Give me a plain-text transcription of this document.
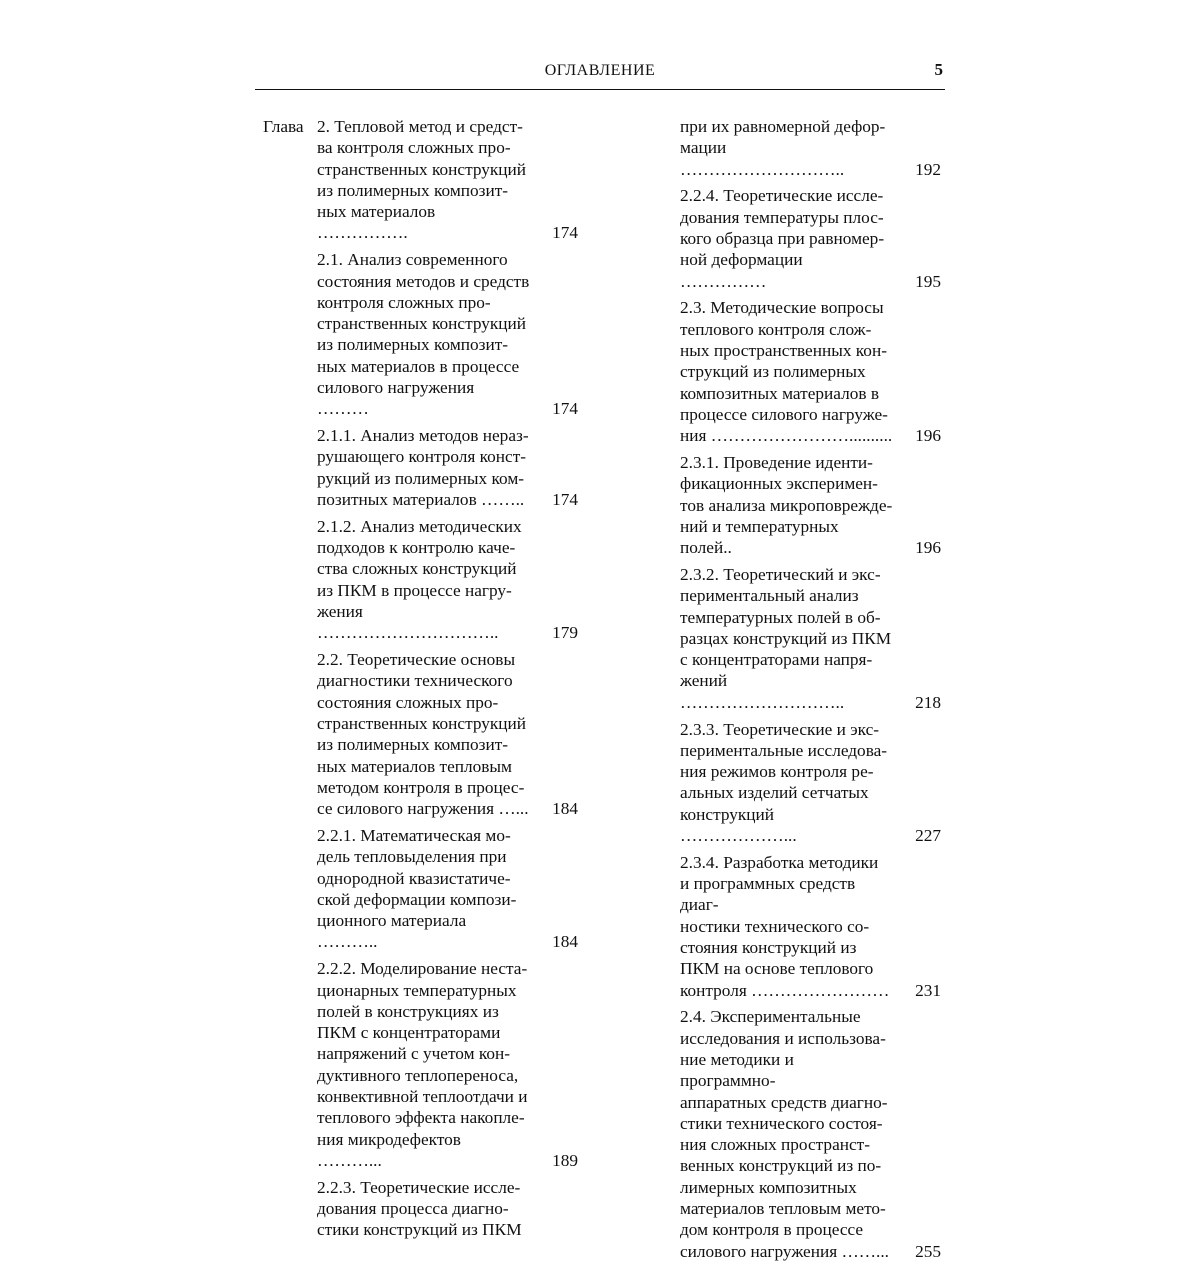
ОГЛАВЛЕНИЕ	5
Глава 2. Тепловой метод и средст-
ва контроля сложных про-
странственных конструкций
из полимерных композит-
ных материалов …………….	174
2.1. Анализ современного
состояния методов и средств
контроля сложных про-
странственных конструкций
из полимерных композит-
ных материалов в процессе
силового нагружения ………	174
2.1.1. Анализ методов нераз-
рушающего контроля конст-
рукций из полимерных ком-
позитных материалов ……..	174
2.1.2. Анализ методических
подходов к контролю каче-
ства сложных конструкций
из ПКМ в процессе нагру-
жения …………………………..	179
2.2. Теоретические основы
диагностики технического
состояния сложных про-
странственных конструкций
из полимерных композит-
ных материалов тепловым
методом контроля в процес-
се силового нагружения …...	184
2.2.1. Математическая мо-
дель тепловыделения при
однородной квазистатиче-
ской деформации компози-
ционного материала ………..	184
2.2.2. Моделирование неста-
ционарных температурных
полей в конструкциях из
ПКМ с концентраторами
напряжений с учетом кон-
дуктивного теплопереноса,
конвективной теплоотдачи и
теплового эффекта накопле-
ния микродефектов ………...	189
2.2.3. Теоретические иссле-
дования процесса диагно-
стики конструкций из ПКМ
при их равномерной дефор-
мации ………………………..	192
2.2.4. Теоретические иссле-
дования температуры плос-
кого образца при равномер-
ной деформации ……………	195
2.3. Методические вопросы
теплового контроля слож-
ных пространственных кон-
струкций из полимерных
композитных материалов в
процессе силового нагруже-
ния ……………………..........	196
2.3.1. Проведение иденти-
фикационных эксперимен-
тов анализа микроповрежде-
ний и температурных полей..	196
2.3.2. Теоретический и экс-
периментальный анализ
температурных полей в об-
разцах конструкций из ПКМ
с концентраторами напря-
жений ………………………..	218
2.3.3. Теоретические и экс-
периментальные исследова-
ния режимов контроля ре-
альных изделий сетчатых
конструкций ………………...	227
2.3.4. Разработка методики
и программных средств диаг-
ностики технического со-
стояния конструкций из
ПКМ на основе теплового
контроля ……………………	231
2.4. Экспериментальные
исследования и использова-
ние методики и программно-
аппаратных средств диагно-
стики технического состоя-
ния сложных пространст-
венных конструкций из по-
лимерных композитных
материалов тепловым мето-
дом контроля в процессе
силового нагружения ……...	255
